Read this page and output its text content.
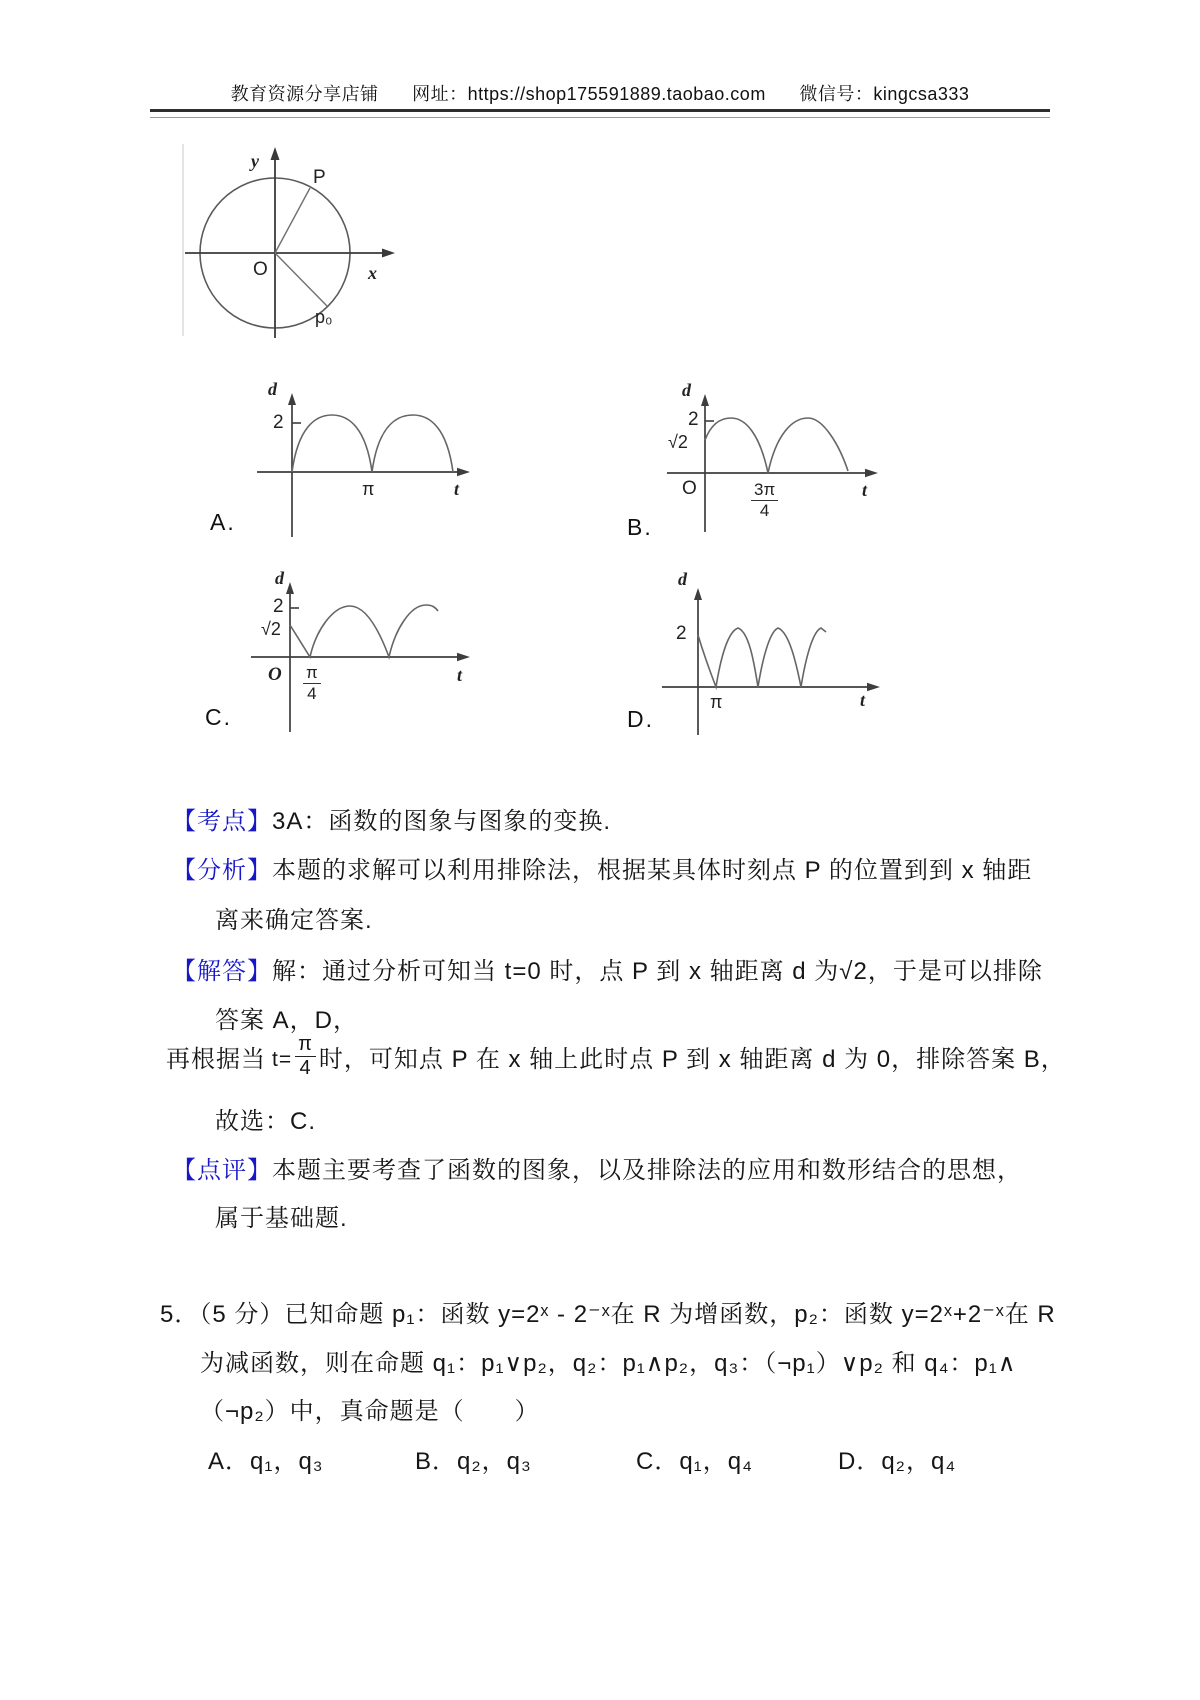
教育资源分享店铺 网址：https://shop175591889.taobao.com 微信号：kingcsa333
y
P
O	x
p₀
d
2
π	t
A.
d
2
√2
O	3π
4
t
B.
d
2
√2
O π
4
t
C.
d
2
π	t
D.
【考点】3A：函数的图象与图象的变换.
【分析】本题的求解可以利用排除法，根据某具体时刻点 P 的位置到到 x 轴距
离来确定答案.
【解答】解：通过分析可知当 t=0 时，点 P 到 x 轴距离 d 为√2，于是可以排除
答案 A，D，
再根据当 $t= \frac{\pi}{4}$ 时，可知点 P 在 x 轴上此时点 P 到 x 轴距离 d 为 0，排除答案 B，
故选：C.
【点评】本题主要考查了函数的图象，以及排除法的应用和数形结合的思想，
属于基础题.
5．（5 分）已知命题 p₁：函数 y=2ˣ - 2⁻ˣ在 R 为增函数，p₂：函数 y=2ˣ+2⁻ˣ在 R
为减函数，则在命题 q₁：p₁∨p₂，q₂：p₁∧p₂，q₃：（¬p₁）∨p₂ 和 q₄：p₁∧
（¬p₂）中，真命题是（　　）
A．q₁，q₃	B．q₂，q₃	C．q₁，q₄	D．q₂，q₄
